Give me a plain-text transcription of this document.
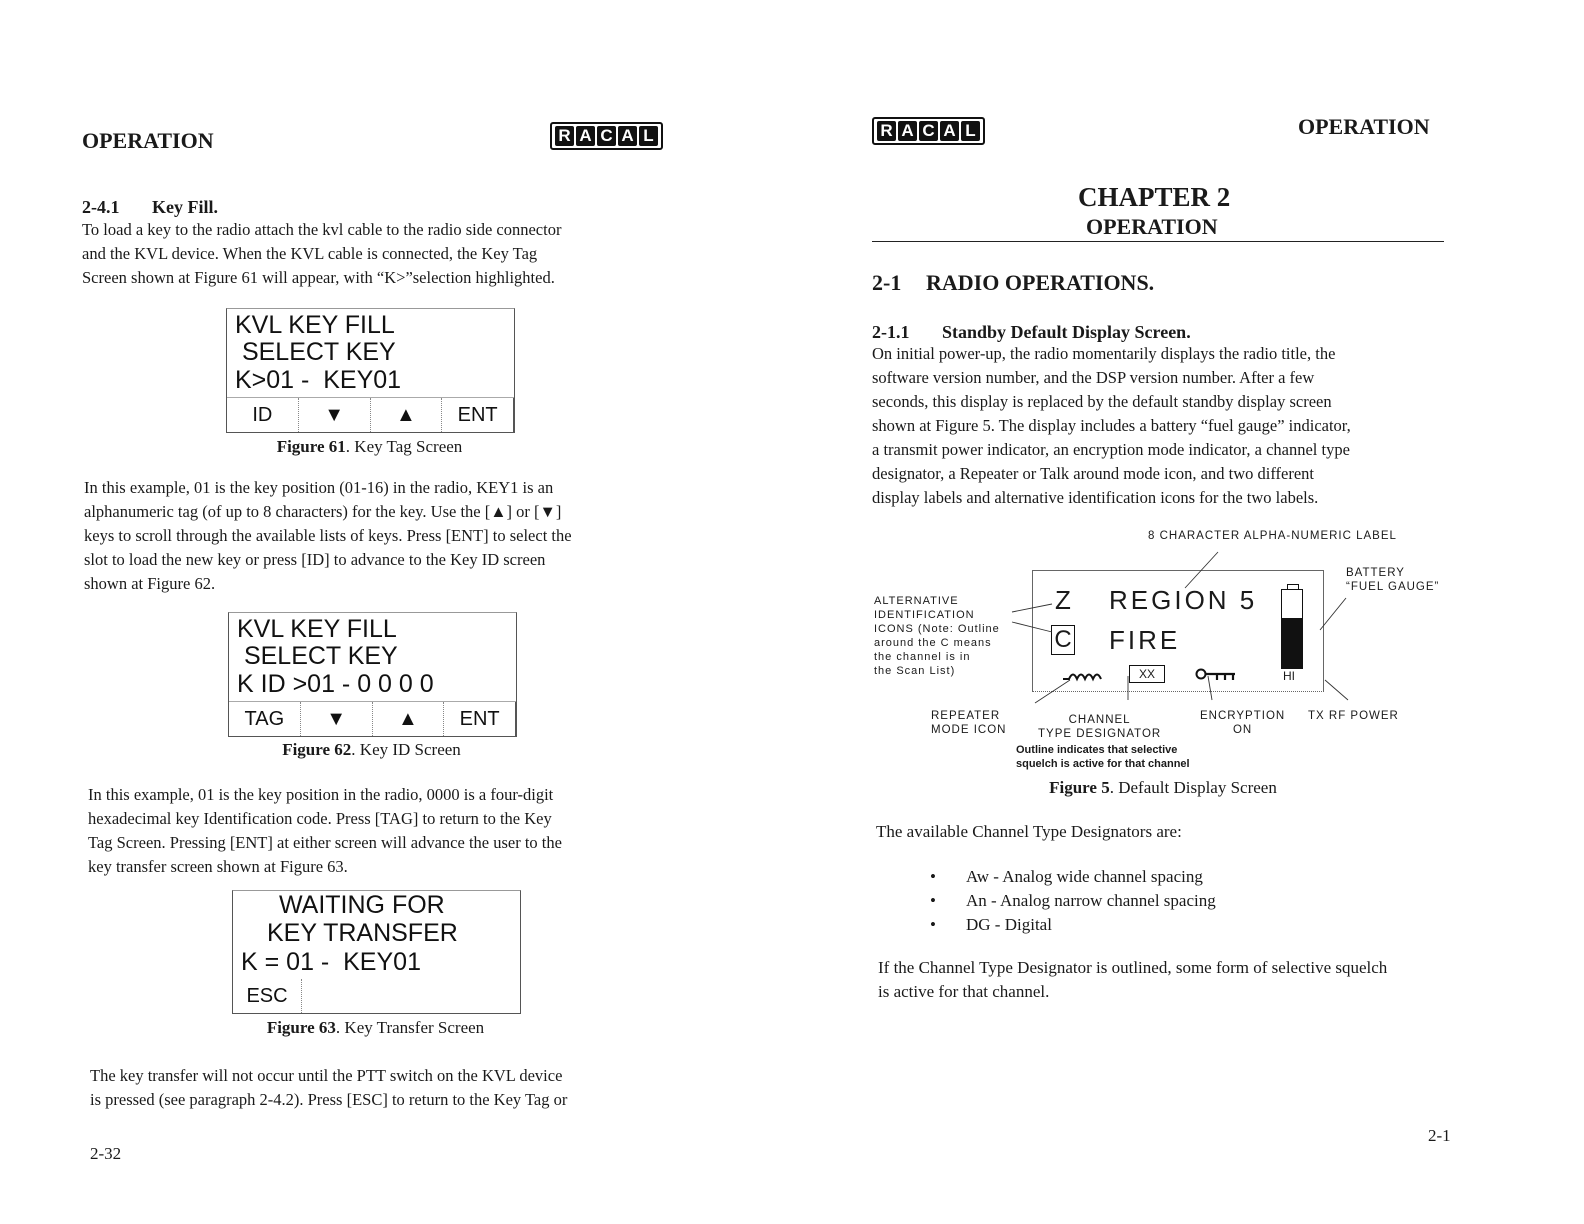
OPERATION	R A C A L
2-4.1 Key Fill.
To load a key to the radio attach the kvl cable to the radio side connector
and the KVL device. When the KVL cable is connected, the Key Tag
Screen shown at Figure 61 will appear, with “K>”selection highlighted.
KVL KEY FILL
SELECT KEY
K>01 -  KEY01
ID	▼	▲	ENT
Figure 61. Key Tag Screen
In this example, 01 is the key position (01-16) in the radio, KEY1 is an
alphanumeric tag (of up to 8 characters) for the key. Use the [▲] or [▼]
keys to scroll through the available lists of keys. Press [ENT] to select the
slot to load the new key or press [ID] to advance to the Key ID screen
shown at Figure 62.
KVL KEY FILL
SELECT KEY
K ID >01 - 0 0 0 0
TAG	▼	▲	ENT
Figure 62. Key ID Screen
In this example, 01 is the key position in the radio, 0000 is a four-digit
hexadecimal key Identification code. Press [TAG] to return to the Key
Tag Screen. Pressing [ENT] at either screen will advance the user to the
key transfer screen shown at Figure 63.
WAITING FOR
KEY TRANSFER
K = 01 -  KEY01
ESC
Figure 63. Key Transfer Screen
The key transfer will not occur until the PTT switch on the KVL device
is pressed (see paragraph 2-4.2). Press [ESC] to return to the Key Tag or
2-32
R A C A L	OPERATION
CHAPTER 2
OPERATION
2-1 RADIO OPERATIONS.
2-1.1 Standby Default Display Screen.
On initial power-up, the radio momentarily displays the radio title, the
software version number, and the DSP version number. After a few
seconds, this display is replaced by the default standby display screen
shown at Figure 5. The display includes a battery “fuel gauge” indicator,
a transmit power indicator, an encryption mode indicator, a channel type
designator, a Repeater or Talk around mode icon, and two different
display labels and alternative identification icons for the two labels.
8 CHARACTER ALPHA-NUMERIC LABEL
BATTERY
“FUEL GAUGE”
ALTERNATIVE
IDENTIFICATION
ICONS (Note: Outline
around the C means
the channel is in
the Scan List)
Z REGION 5
C FIRE
XX	HI
REPEATER
MODE ICON
CHANNEL
TYPE DESIGNATOR
ENCRYPTION
ON
TX RF POWER
Outline indicates that selective
squelch is active for that channel
Figure 5. Default Display Screen
The available Channel Type Designators are:
• Aw - Analog wide channel spacing
• An - Analog narrow channel spacing
• DG - Digital
If the Channel Type Designator is outlined, some form of selective squelch
is active for that channel.
2-1
